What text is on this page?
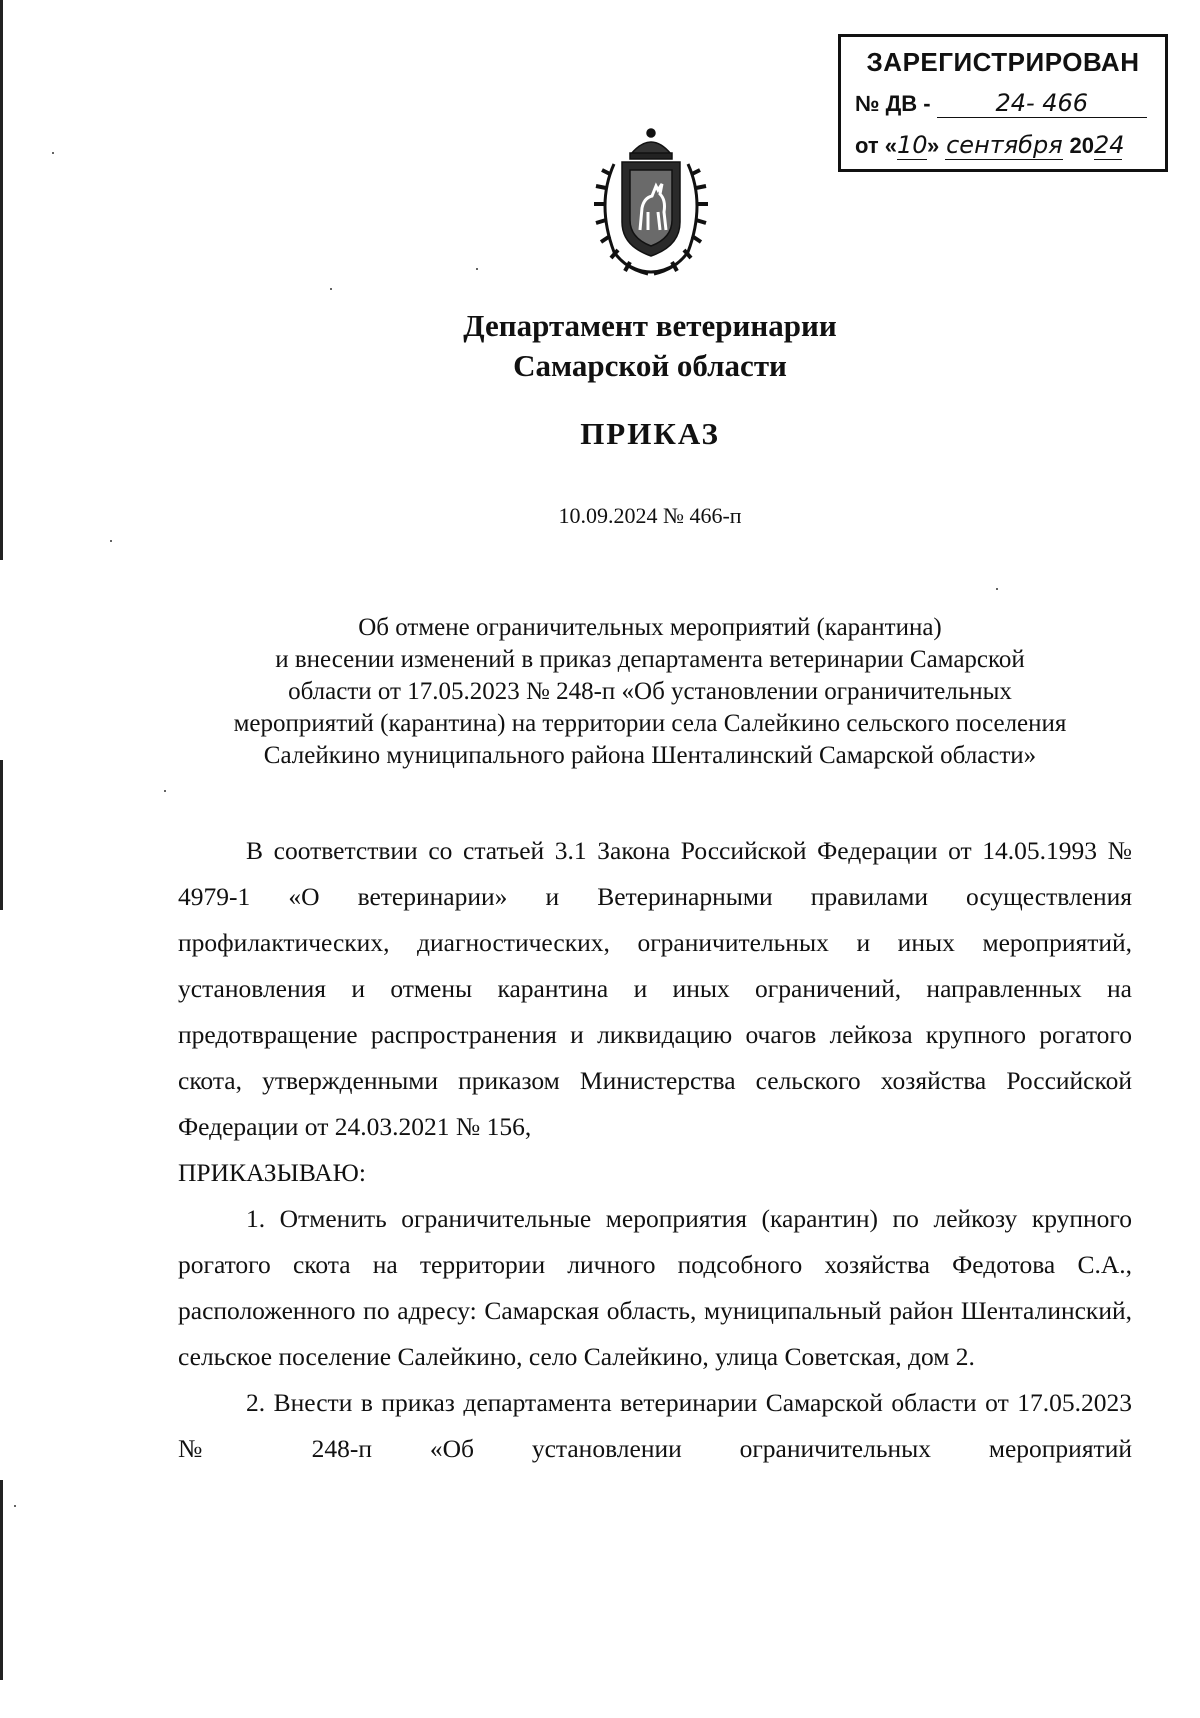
ЗАРЕГИСТРИРОВАН
№ ДВ -	24- 466
от «10» сентября 2024
Департамент ветеринарии
Самарской области
ПРИКАЗ
10.09.2024 № 466-п
Об отмене ограничительных мероприятий (карантина)
и внесении изменений в приказ департамента ветеринарии Самарской
области от 17.05.2023 № 248-п «Об установлении ограничительных
мероприятий (карантина) на территории села Салейкино сельского поселения
Салейкино муниципального района Шенталинский Самарской области»

В соответствии со статьей 3.1 Закона Российской Федерации от 14.05.1993 № 4979-1 «О ветеринарии» и Ветеринарными правилами осуществления профилактических, диагностических, ограничительных и иных мероприятий, установления и отмены карантина и иных ограничений, направленных на предотвращение распространения и ликвидацию очагов лейкоза крупного рогатого скота, утвержденными приказом Министерства сельского хозяйства Российской Федерации от 24.03.2021 № 156,

ПРИКАЗЫВАЮ:

1. Отменить ограничительные мероприятия (карантин) по лейкозу крупного рогатого скота на территории личного подсобного хозяйства Федотова С.А., расположенного по адресу: Самарская область, муниципальный район Шенталинский, сельское поселение Салейкино, село Салейкино, улица Советская, дом 2.

2. Внести в приказ департамента ветеринарии Самарской области от 17.05.2023 № 248-п «Об установлении ограничительных мероприятий
